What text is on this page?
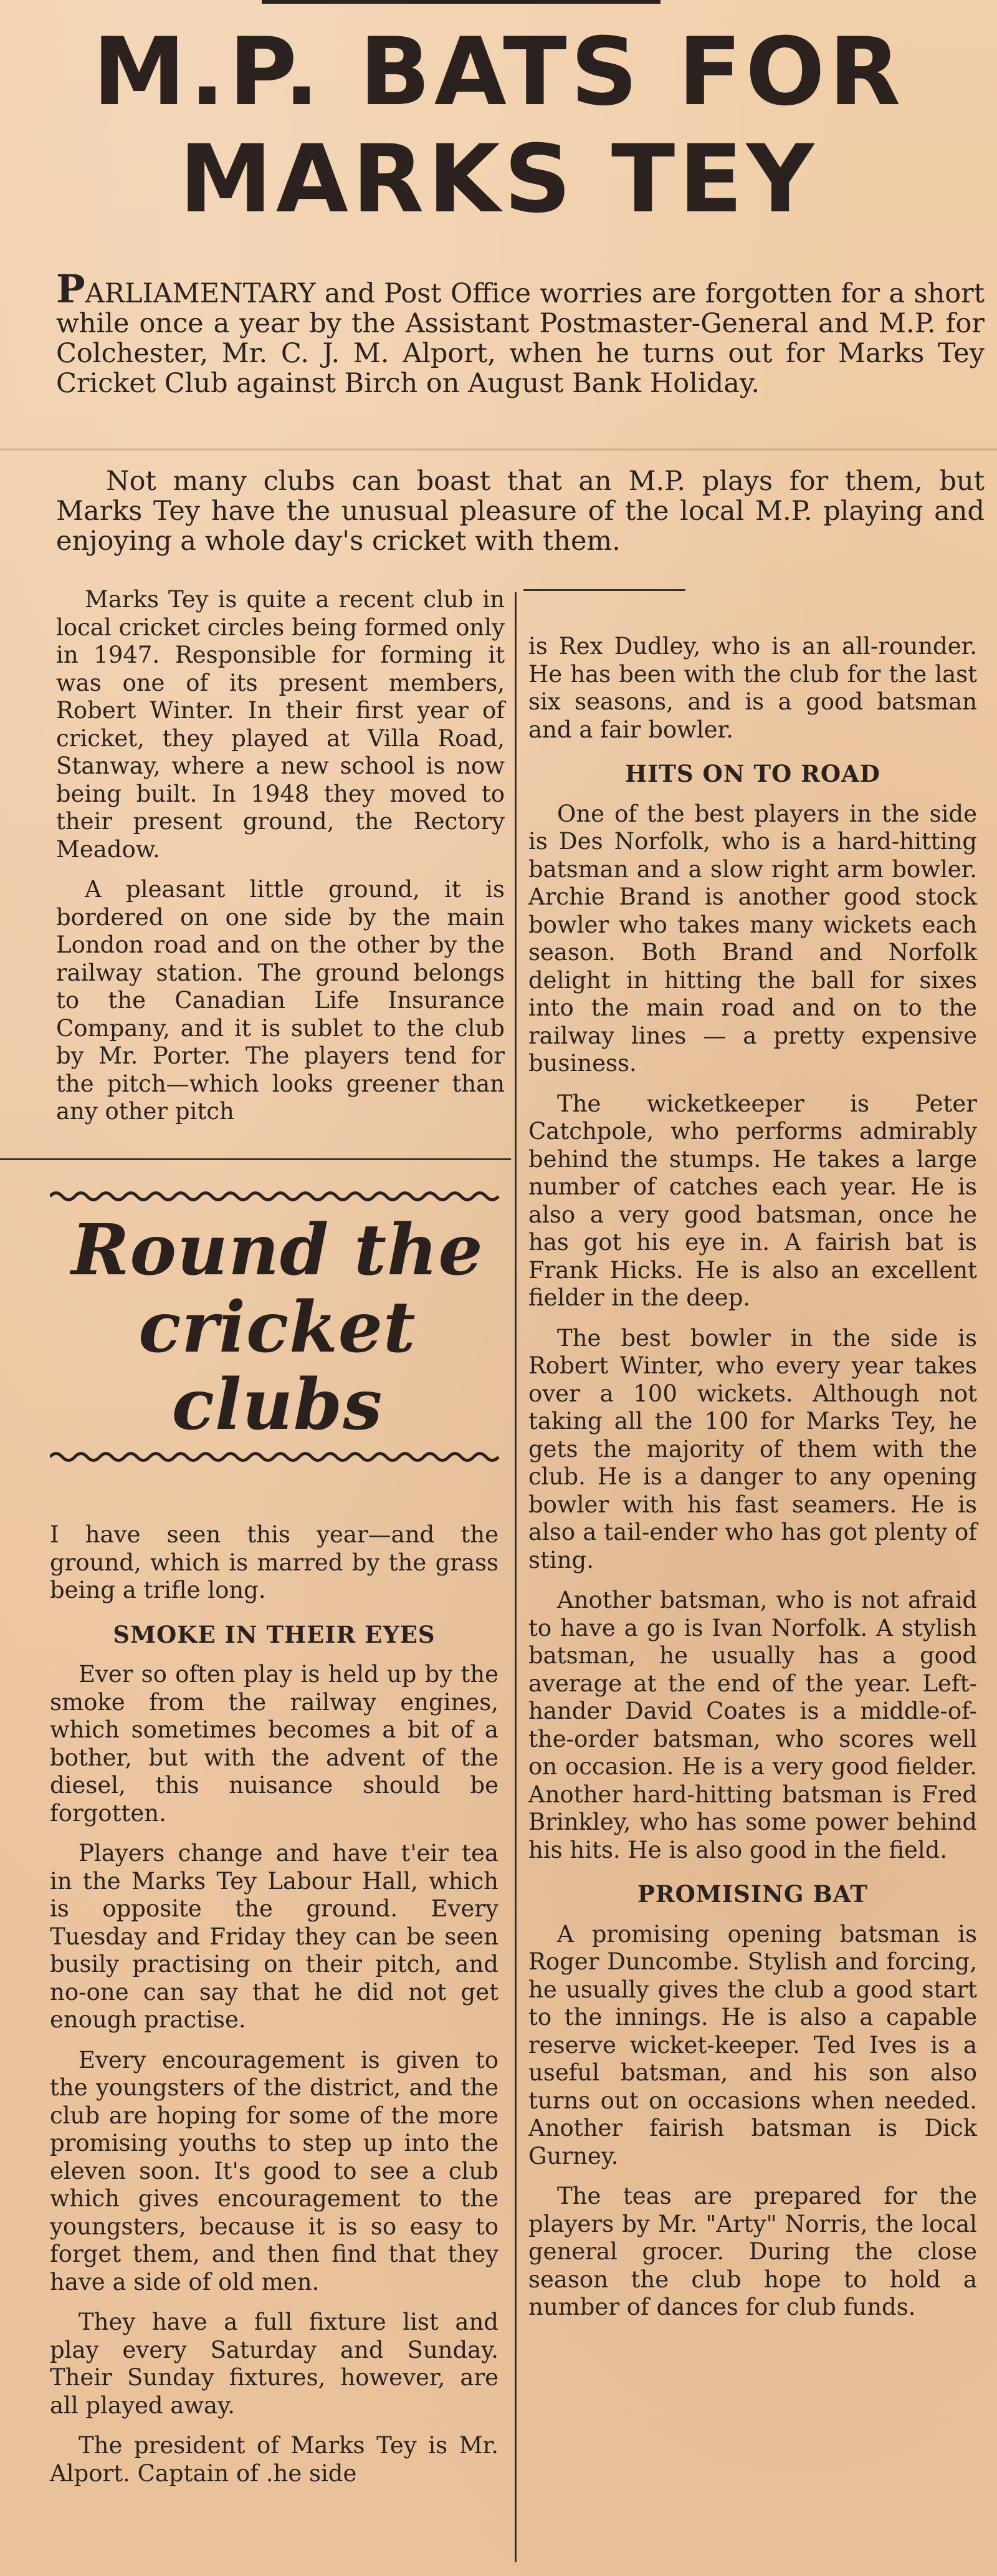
M.P. BATS FOR
MARKS TEY
PARLIAMENTARY and Post Office worries are forgotten for a short while once a year by the Assistant Postmaster-General and M.P. for Colchester, Mr. C. J. M. Alport, when he turns out for Marks Tey Cricket Club against Birch on August Bank Holiday.
Not many clubs can boast that an M.P. plays for them, but Marks Tey have the unusual pleasure of the local M.P. playing and enjoying a whole day's cricket with them.

Marks Tey is quite a recent club in local cricket circles being formed only in 1947. Responsible for forming it was one of its present members, Robert Winter. In their first year of cricket, they played at Villa Road, Stanway, where a new school is now being built. In 1948 they moved to their present ground, the Rectory Meadow.

A pleasant little ground, it is bordered on one side by the main London road and on the other by the railway station. The ground belongs to the Canadian Life Insurance Company, and it is sublet to the club by Mr. Porter. The players tend for the pitch—which looks greener than any other pitch

Round the
cricket
clubs

I have seen this year—and the ground, which is marred by the grass being a trifle long.

SMOKE IN THEIR EYES

Ever so often play is held up by the smoke from the railway engines, which sometimes becomes a bit of a bother, but with the advent of the diesel, this nuisance should be forgotten.

Players change and have t'eir tea in the Marks Tey Labour Hall, which is opposite the ground. Every Tuesday and Friday they can be seen busily practising on their pitch, and no-one can say that he did not get enough practise.

Every encouragement is given to the youngsters of the district, and the club are hoping for some of the more promising youths to step up into the eleven soon. It's good to see a club which gives encouragement to the youngsters, because it is so easy to forget them, and then find that they have a side of old men.

They have a full fixture list and play every Saturday and Sunday. Their Sunday fixtures, however, are all played away.

The president of Marks Tey is Mr. Alport. Captain of .he side

is Rex Dudley, who is an all-rounder. He has been with the club for the last six seasons, and is a good batsman and a fair bowler.

HITS ON TO ROAD

One of the best players in the side is Des Norfolk, who is a hard-hitting batsman and a slow right arm bowler. Archie Brand is another good stock bowler who takes many wickets each season. Both Brand and Norfolk delight in hitting the ball for sixes into the main road and on to the railway lines — a pretty expensive business.

The wicketkeeper is Peter Catchpole, who performs admirably behind the stumps. He takes a large number of catches each year. He is also a very good batsman, once he has got his eye in. A fairish bat is Frank Hicks. He is also an excellent fielder in the deep.

The best bowler in the side is Robert Winter, who every year takes over a 100 wickets. Although not taking all the 100 for Marks Tey, he gets the majority of them with the club. He is a danger to any opening bowler with his fast seamers. He is also a tail-ender who has got plenty of sting.

Another batsman, who is not afraid to have a go is Ivan Norfolk. A stylish batsman, he usually has a good average at the end of the year. Left-hander David Coates is a middle-of-the-order batsman, who scores well on occasion. He is a very good fielder. Another hard-hitting batsman is Fred Brinkley, who has some power behind his hits. He is also good in the field.

PROMISING BAT

A promising opening batsman is Roger Duncombe. Stylish and forcing, he usually gives the club a good start to the innings. He is also a capable reserve wicket-keeper. Ted Ives is a useful batsman, and his son also turns out on occasions when needed. Another fairish batsman is Dick Gurney.

The teas are prepared for the players by Mr. "Arty" Norris, the local general grocer. During the close season the club hope to hold a number of dances for club funds.
